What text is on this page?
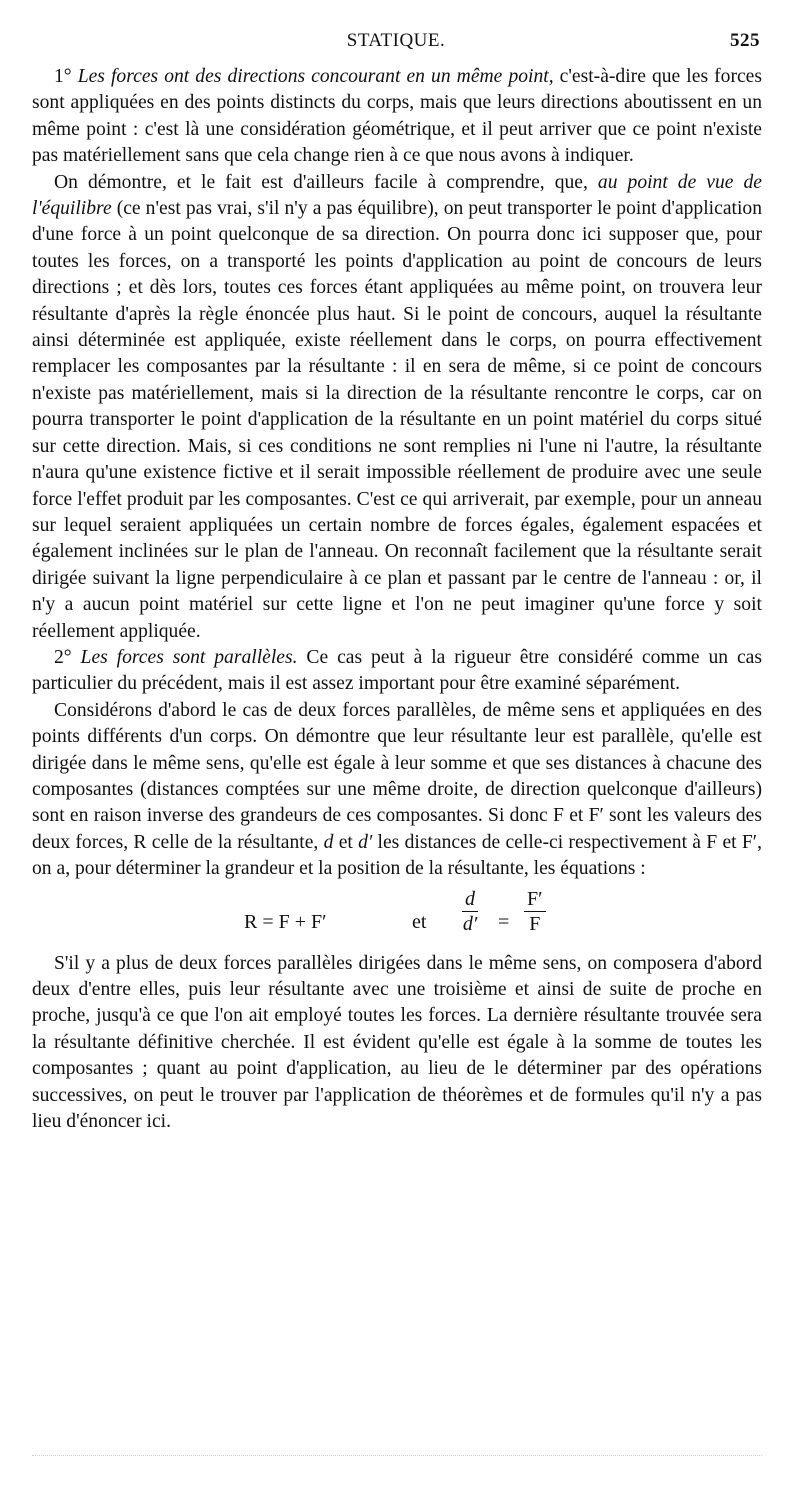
STATIQUE.	525

1° Les forces ont des directions concourant en un même point, c'est-à-dire que les forces sont appliquées en des points distincts du corps, mais que leurs directions aboutissent en un même point : c'est là une considération géométrique, et il peut arriver que ce point n'existe pas matériellement sans que cela change rien à ce que nous avons à indiquer.

On démontre, et le fait est d'ailleurs facile à comprendre, que, au point de vue de l'équilibre (ce n'est pas vrai, s'il n'y a pas équilibre), on peut transporter le point d'application d'une force à un point quelconque de sa direction. On pourra donc ici supposer que, pour toutes les forces, on a transporté les points d'application au point de concours de leurs directions ; et dès lors, toutes ces forces étant appliquées au même point, on trouvera leur résultante d'après la règle énoncée plus haut. Si le point de concours, auquel la résultante ainsi déterminée est appliquée, existe réellement dans le corps, on pourra effectivement remplacer les composantes par la résultante : il en sera de même, si ce point de concours n'existe pas matériellement, mais si la direction de la résultante rencontre le corps, car on pourra transporter le point d'application de la résultante en un point matériel du corps situé sur cette direction. Mais, si ces conditions ne sont remplies ni l'une ni l'autre, la résultante n'aura qu'une existence fictive et il serait impossible réellement de produire avec une seule force l'effet produit par les composantes. C'est ce qui arriverait, par exemple, pour un anneau sur lequel seraient appliquées un certain nombre de forces égales, également espacées et également inclinées sur le plan de l'anneau. On reconnaît facilement que la résultante serait dirigée suivant la ligne perpendiculaire à ce plan et passant par le centre de l'anneau : or, il n'y a aucun point matériel sur cette ligne et l'on ne peut imaginer qu'une force y soit réellement appliquée.

2° Les forces sont parallèles. Ce cas peut à la rigueur être considéré comme un cas particulier du précédent, mais il est assez important pour être examiné séparément.

Considérons d'abord le cas de deux forces parallèles, de même sens et appliquées en des points différents d'un corps. On démontre que leur résultante leur est parallèle, qu'elle est dirigée dans le même sens, qu'elle est égale à leur somme et que ses distances à chacune des composantes (distances comptées sur une même droite, de direction quelconque d'ailleurs) sont en raison inverse des grandeurs de ces composantes. Si donc F et F′ sont les valeurs des deux forces, R celle de la résultante, d et d′ les distances de celle-ci respectivement à F et F′, on a, pour déterminer la grandeur et la position de la résultante, les équations :

R = F + F′	et $\frac{d}{d'} = \frac{F'}{F}$

S'il y a plus de deux forces parallèles dirigées dans le même sens, on composera d'abord deux d'entre elles, puis leur résultante avec une troisième et ainsi de suite de proche en proche, jusqu'à ce que l'on ait employé toutes les forces. La dernière résultante trouvée sera la résultante définitive cherchée. Il est évident qu'elle est égale à la somme de toutes les composantes ; quant au point d'application, au lieu de le déterminer par des opérations successives, on peut le trouver par l'application de théorèmes et de formules qu'il n'y a pas lieu d'énoncer ici.
